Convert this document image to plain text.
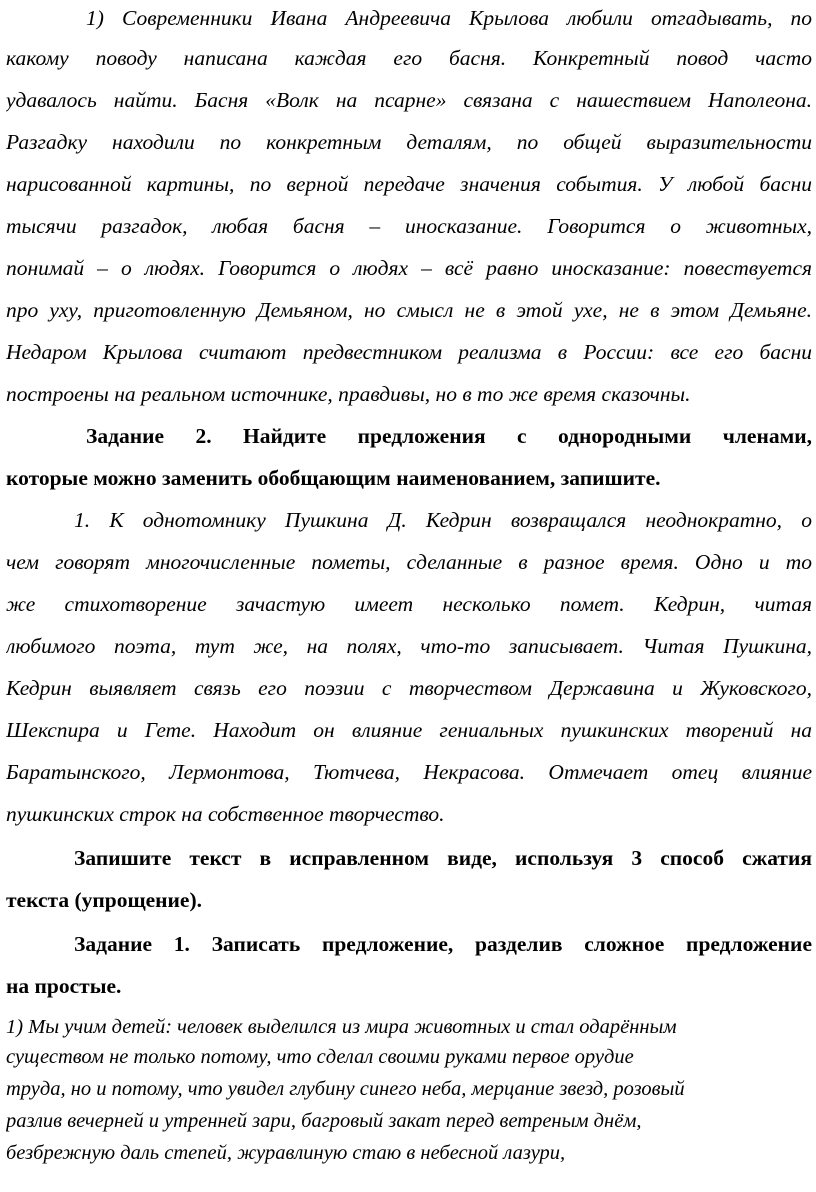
1) Современники Ивана Андреевича Крылова любили отгадывать, по

какому поводу написана каждая его басня. Конкретный повод часто

удавалось найти. Басня «Волк на псарне» связана с нашествием Наполеона.

Разгадку находили по конкретным деталям, по общей выразительности

нарисованной картины, по верной передаче значения события. У любой басни

тысячи разгадок, любая басня – иносказание. Говорится о животных,

понимай – о людях. Говорится о людях – всё равно иносказание: повествуется

про уху, приготовленную Демьяном, но смысл не в этой ухе, не в этом Демьяне.

Недаром Крылова считают предвестником реализма в России: все его басни

построены на реальном источнике, правдивы, но в то же время сказочны.

Задание 2. Найдите предложения с однородными членами,

которые можно заменить обобщающим наименованием, запишите.

1. К однотомнику Пушкина Д. Кедрин возвращался неоднократно, о

чем говорят многочисленные пометы, сделанные в разное время. Одно и то

же стихотворение зачастую имеет несколько помет. Кедрин, читая

любимого поэта, тут же, на полях, что-то записывает. Читая Пушкина,

Кедрин выявляет связь его поэзии с творчеством Державина и Жуковского,

Шекспира и Гете. Находит он влияние гениальных пушкинских творений на

Баратынского, Лермонтова, Тютчева, Некрасова. Отмечает отец влияние

пушкинских строк на собственное творчество.

Запишите текст в исправленном виде, используя 3 способ сжатия

текста (упрощение).

Задание 1. Записать предложение, разделив сложное предложение

на простые.

1) Мы учим детей: человек выделился из мира животных и стал одарённым

существом не только потому, что сделал своими руками первое орудие

труда, но и потому, что увидел глубину синего неба, мерцание звезд, розовый

разлив вечерней и утренней зари, багровый закат перед ветреным днём,

безбрежную даль степей, журавлиную стаю в небесной лазури,
